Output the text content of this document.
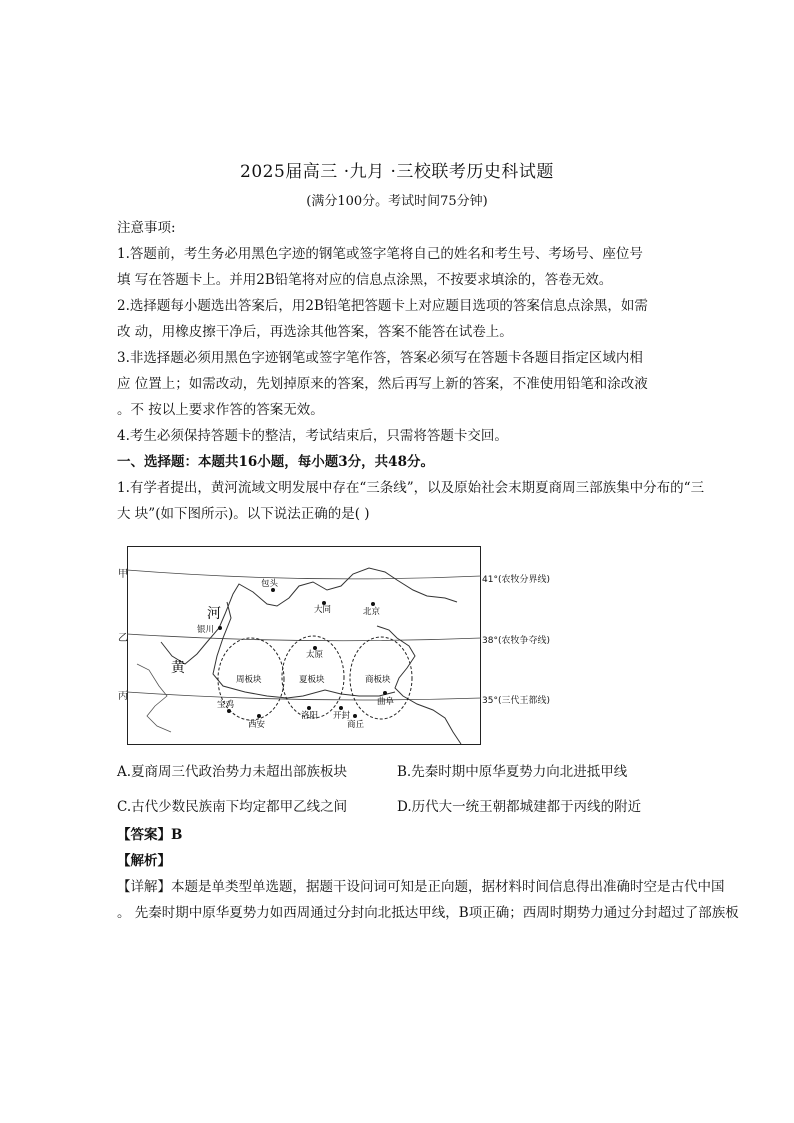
2025届高三 ·九月 ·三校联考历史科试题
(满分100分。考试时间75分钟)
注意事项:
1.答题前，考生务必用黑色字迹的钢笔或签字笔将自己的姓名和考生号、考场号、座位号
填 写在答题卡上。并用2B铅笔将对应的信息点涂黑，不按要求填涂的，答卷无效。
2.选择题每小题选出答案后，用2B铅笔把答题卡上对应题目选项的答案信息点涂黑，如需
改 动，用橡皮擦干净后，再选涂其他答案，答案不能答在试卷上。
3.非选择题必须用黑色字迹钢笔或签字笔作答，答案必须写在答题卡各题目指定区域内相
应 位置上；如需改动，先划掉原来的答案，然后再写上新的答案，不准使用铅笔和涂改液
。不 按以上要求作答的答案无效。
4.考生必须保持答题卡的整洁，考试结束后，只需将答题卡交回。
一、选择题：本题共16小题，每小题3分，共48分。
1.有学者提出，黄河流域文明发展中存在“三条线”，以及原始社会末期夏商周三部族集中分布的“三
大 块”(如下图所示)。以下说法正确的是( )
河
黄
周板块	夏板块	商板块
包头
大同	北京
银川
太原
宝鸡
西安
洛阳 开封
商丘
曲阜
甲
乙
丙
41°(农牧分界线)
38°(农牧争夺线)
35°(三代王都线)
A.夏商周三代政治势力未超出部族板块	B.先秦时期中原华夏势力向北进抵甲线
C.古代少数民族南下均定都甲乙线之间	D.历代大一统王朝都城建都于丙线的附近
【答案】B
【解析】
【详解】本题是单类型单选题，据题干设问词可知是正向题，据材料时间信息得出准确时空是古代中国
。 先秦时期中原华夏势力如西周通过分封向北抵达甲线，B项正确；西周时期势力通过分封超过了部族板
